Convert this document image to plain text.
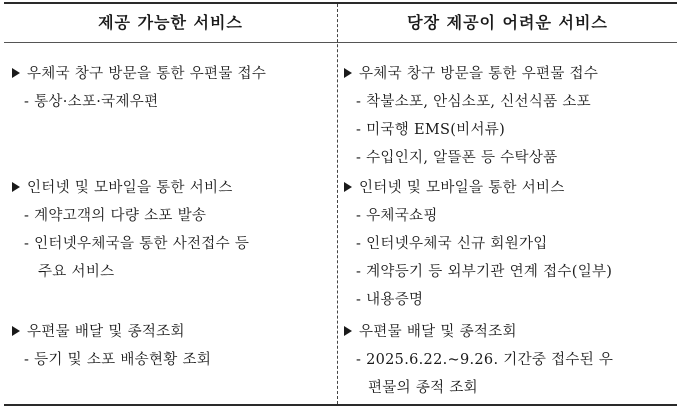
제공 가능한 서비스	당장 제공이 어려운 서비스
우체국 창구 방문을 통한 우편물 접수
- 통상·소포·국제우편
인터넷 및 모바일을 통한 서비스
- 계약고객의 다량 소포 발송
- 인터넷우체국을 통한 사전접수 등
주요 서비스
우편물 배달 및 종적조회
- 등기 및 소포 배송현황 조회
우체국 창구 방문을 통한 우편물 접수
- 착불소포, 안심소포, 신선식품 소포
- 미국행 EMS(비서류)
- 수입인지, 알뜰폰 등 수탁상품
인터넷 및 모바일을 통한 서비스
- 우체국쇼핑
- 인터넷우체국 신규 회원가입
- 계약등기 등 외부기관 연계 접수(일부)
- 내용증명
우편물 배달 및 종적조회
- 2025.6.22.~9.26. 기간중 접수된 우
편물의 종적 조회
